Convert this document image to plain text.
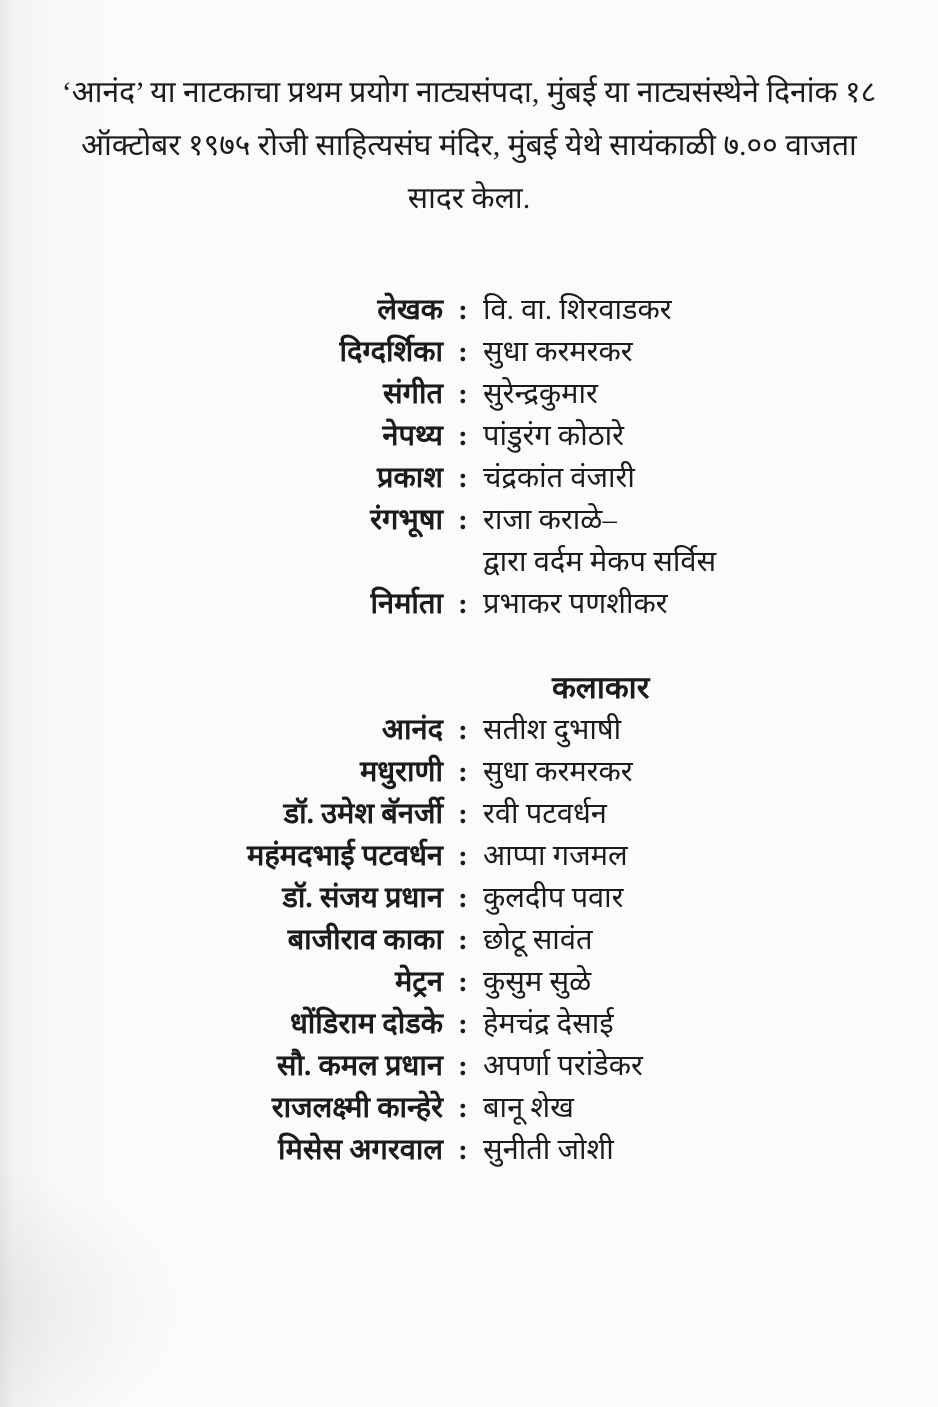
‘आनंद’ या नाटकाचा प्रथम प्रयोग नाट्यसंपदा, मुंबई या नाट्यसंस्थेने दिनांक १८ ऑक्टोबर १९७५ रोजी साहित्यसंघ मंदिर, मुंबई येथे सायंकाळी ७.०० वाजता सादर केला.

लेखक : वि. वा. शिरवाडकर
दिग्दर्शिका : सुधा करमरकर
संगीत : सुरेन्द्रकुमार
नेपथ्य : पांडुरंग कोठारे
प्रकाश : चंद्रकांत वंजारी
रंगभूषा : राजा कराळे–
द्वारा वर्दम मेकप सर्विस
निर्माता : प्रभाकर पणशीकर
कलाकार
आनंद : सतीश दुभाषी
मधुराणी : सुधा करमरकर
डॉ. उमेश बॅनर्जी : रवी पटवर्धन
महंमदभाई पटवर्धन : आप्पा गजमल
डॉ. संजय प्रधान : कुलदीप पवार
बाजीराव काका : छोटू सावंत
मेट्रन : कुसुम सुळे
धोंडिराम दोडके : हेमचंद्र देसाई
सौ. कमल प्रधान : अपर्णा परांडेकर
राजलक्ष्मी कान्हेरे : बानू शेख
मिसेस अगरवाल : सुनीती जोशी
